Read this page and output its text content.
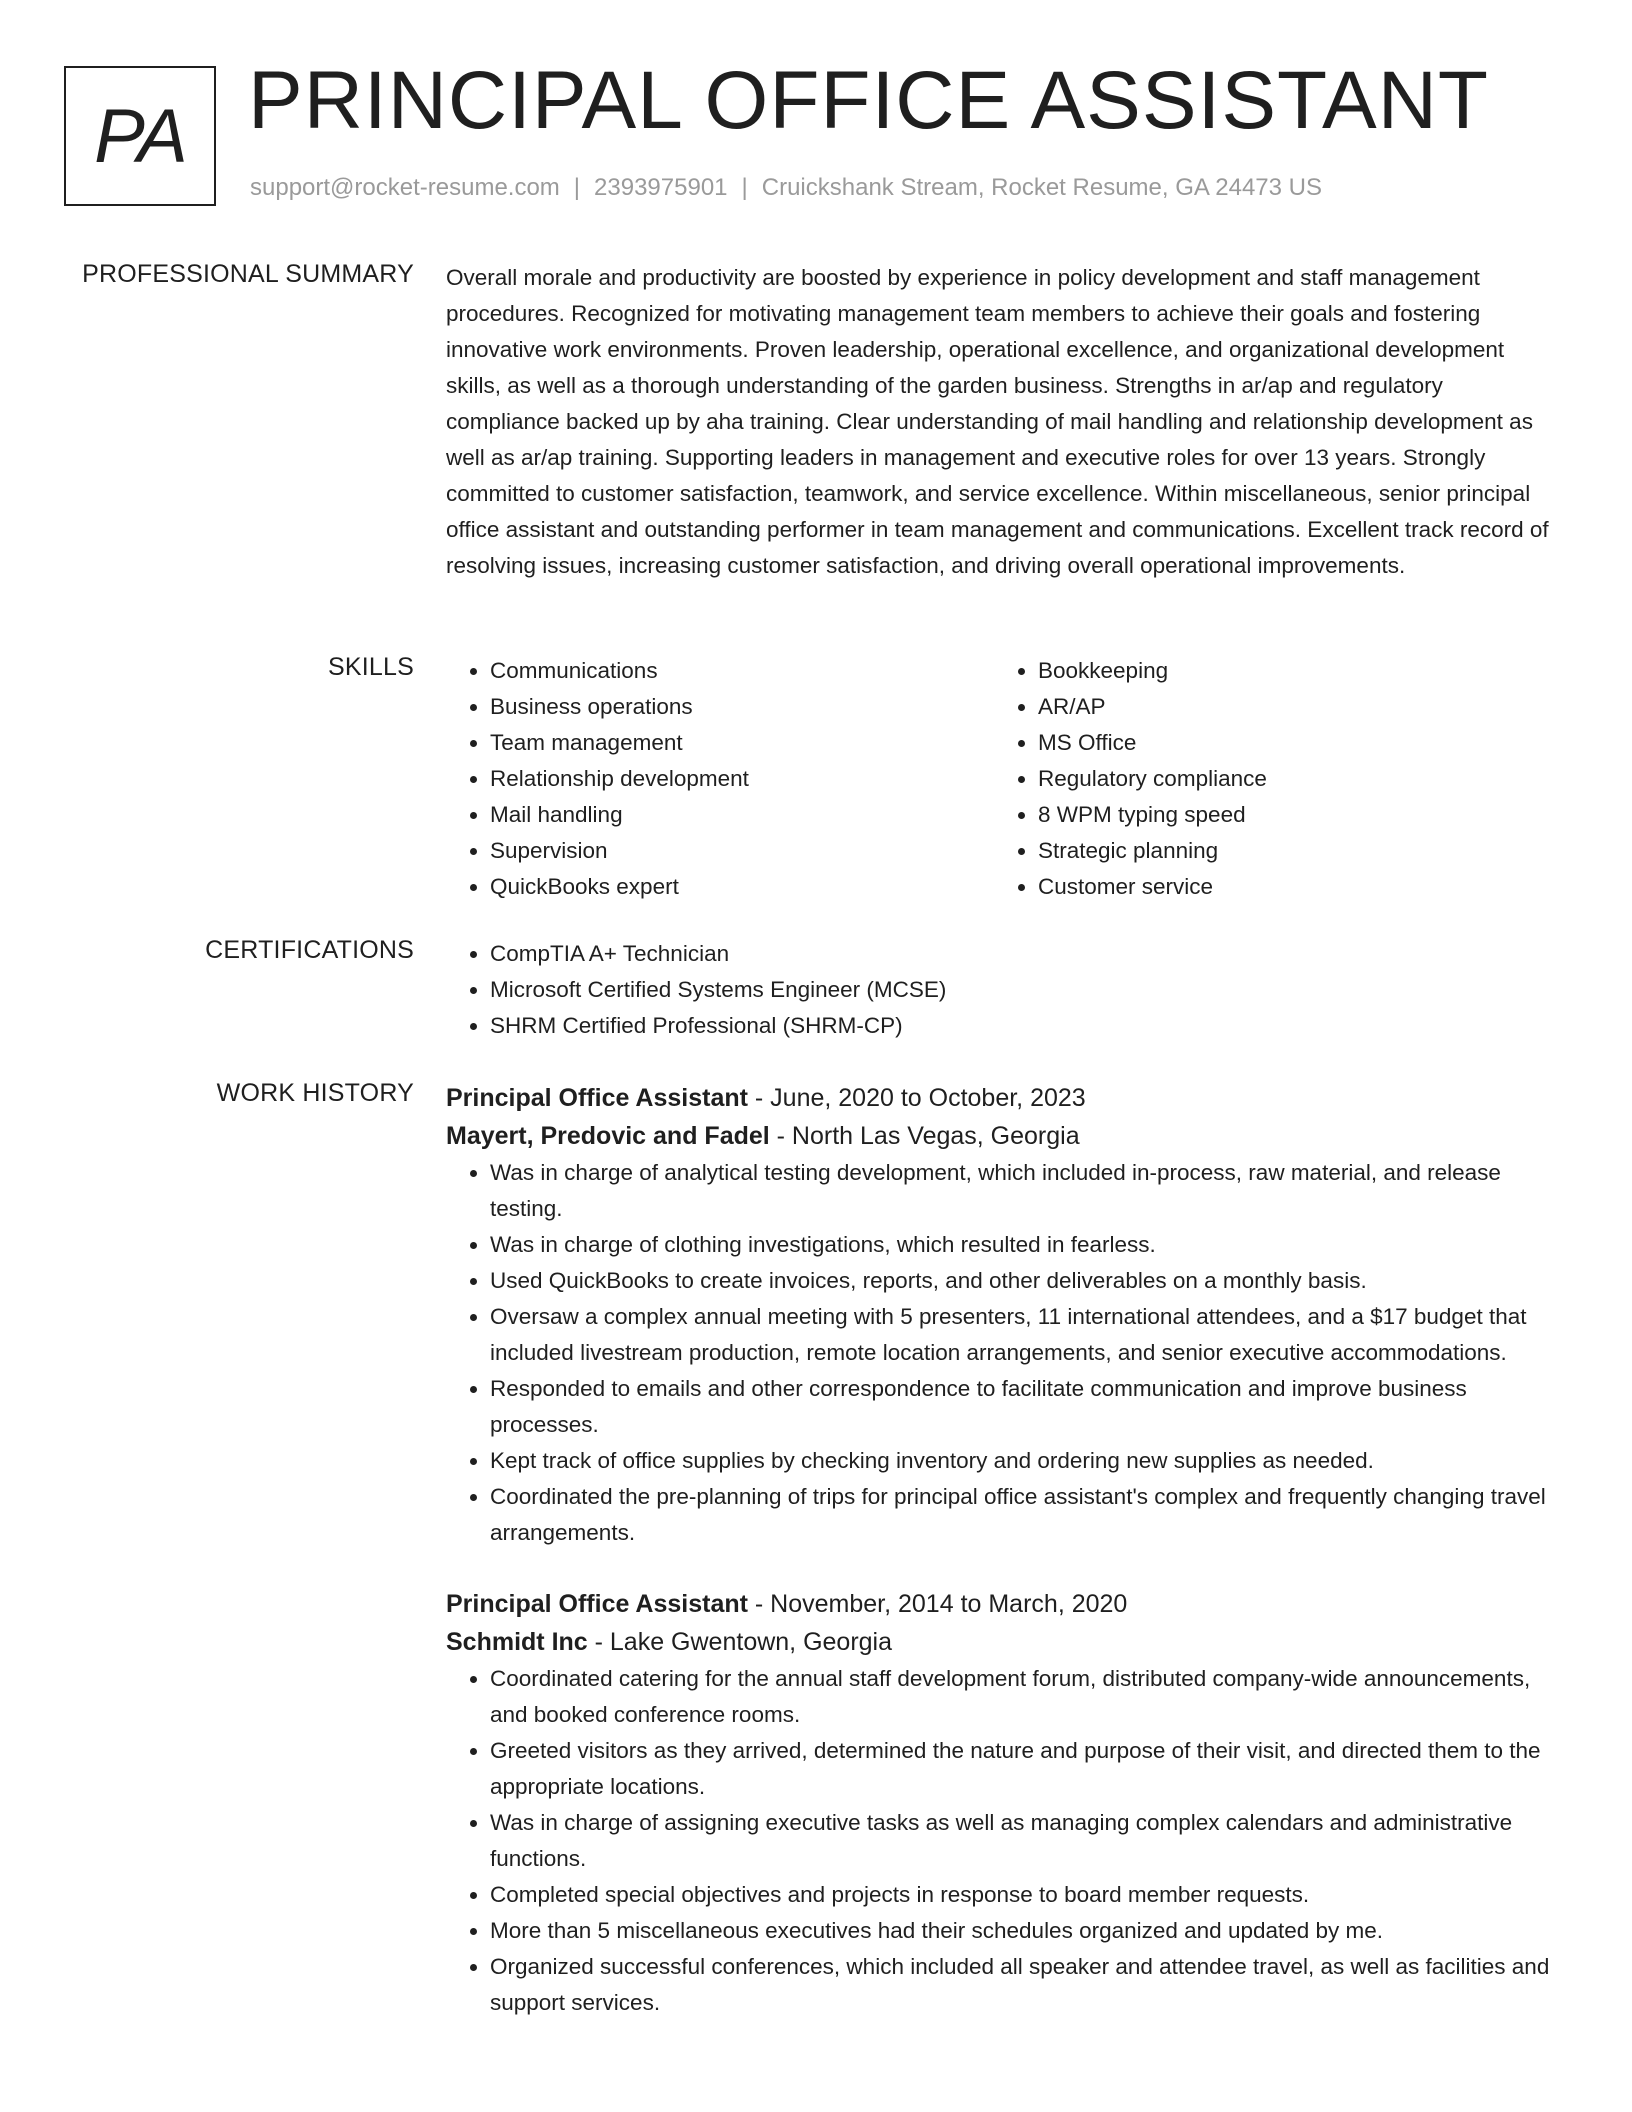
PA PRINCIPAL OFFICE ASSISTANT
support@rocket-resume.com | 2393975901 | Cruickshank Stream, Rocket Resume, GA 24473 US
PROFESSIONAL SUMMARY Overall morale and productivity are boosted by experience in policy development and staff management procedures. Recognized for motivating management team members to achieve their goals and fostering innovative work environments. Proven leadership, operational excellence, and organizational development skills, as well as a thorough understanding of the garden business. Strengths in ar/ap and regulatory compliance backed up by aha training. Clear understanding of mail handling and relationship development as well as ar/ap training. Supporting leaders in management and executive roles for over 13 years. Strongly committed to customer satisfaction, teamwork, and service excellence. Within miscellaneous, senior principal office assistant and outstanding performer in team management and communications. Excellent track record of resolving issues, increasing customer satisfaction, and driving overall operational improvements.

SKILLS	• Communications
• Business operations
• Team management
• Relationship development
• Mail handling
• Supervision
• QuickBooks expert
• Bookkeeping
• AR/AP
• MS Office
• Regulatory compliance
• 8 WPM typing speed
• Strategic planning
• Customer service
CERTIFICATIONS	• CompTIA A+ Technician
• Microsoft Certified Systems Engineer (MCSE)
• SHRM Certified Professional (SHRM-CP)
WORK HISTORY Principal Office Assistant - June, 2020 to October, 2023
Mayert, Predovic and Fadel - North Las Vegas, Georgia
• Was in charge of analytical testing development, which included in-process, raw material, and release testing.
• Was in charge of clothing investigations, which resulted in fearless.
• Used QuickBooks to create invoices, reports, and other deliverables on a monthly basis.
• Oversaw a complex annual meeting with 5 presenters, 11 international attendees, and a $17 budget that included livestream production, remote location arrangements, and senior executive accommodations.
• Responded to emails and other correspondence to facilitate communication and improve business processes.
• Kept track of office supplies by checking inventory and ordering new supplies as needed.
• Coordinated the pre-planning of trips for principal office assistant's complex and frequently changing travel arrangements.
Principal Office Assistant - November, 2014 to March, 2020
Schmidt Inc - Lake Gwentown, Georgia
• Coordinated catering for the annual staff development forum, distributed company-wide announcements, and booked conference rooms.
• Greeted visitors as they arrived, determined the nature and purpose of their visit, and directed them to the appropriate locations.
• Was in charge of assigning executive tasks as well as managing complex calendars and administrative functions.
• Completed special objectives and projects in response to board member requests.
• More than 5 miscellaneous executives had their schedules organized and updated by me.
• Organized successful conferences, which included all speaker and attendee travel, as well as facilities and support services.
